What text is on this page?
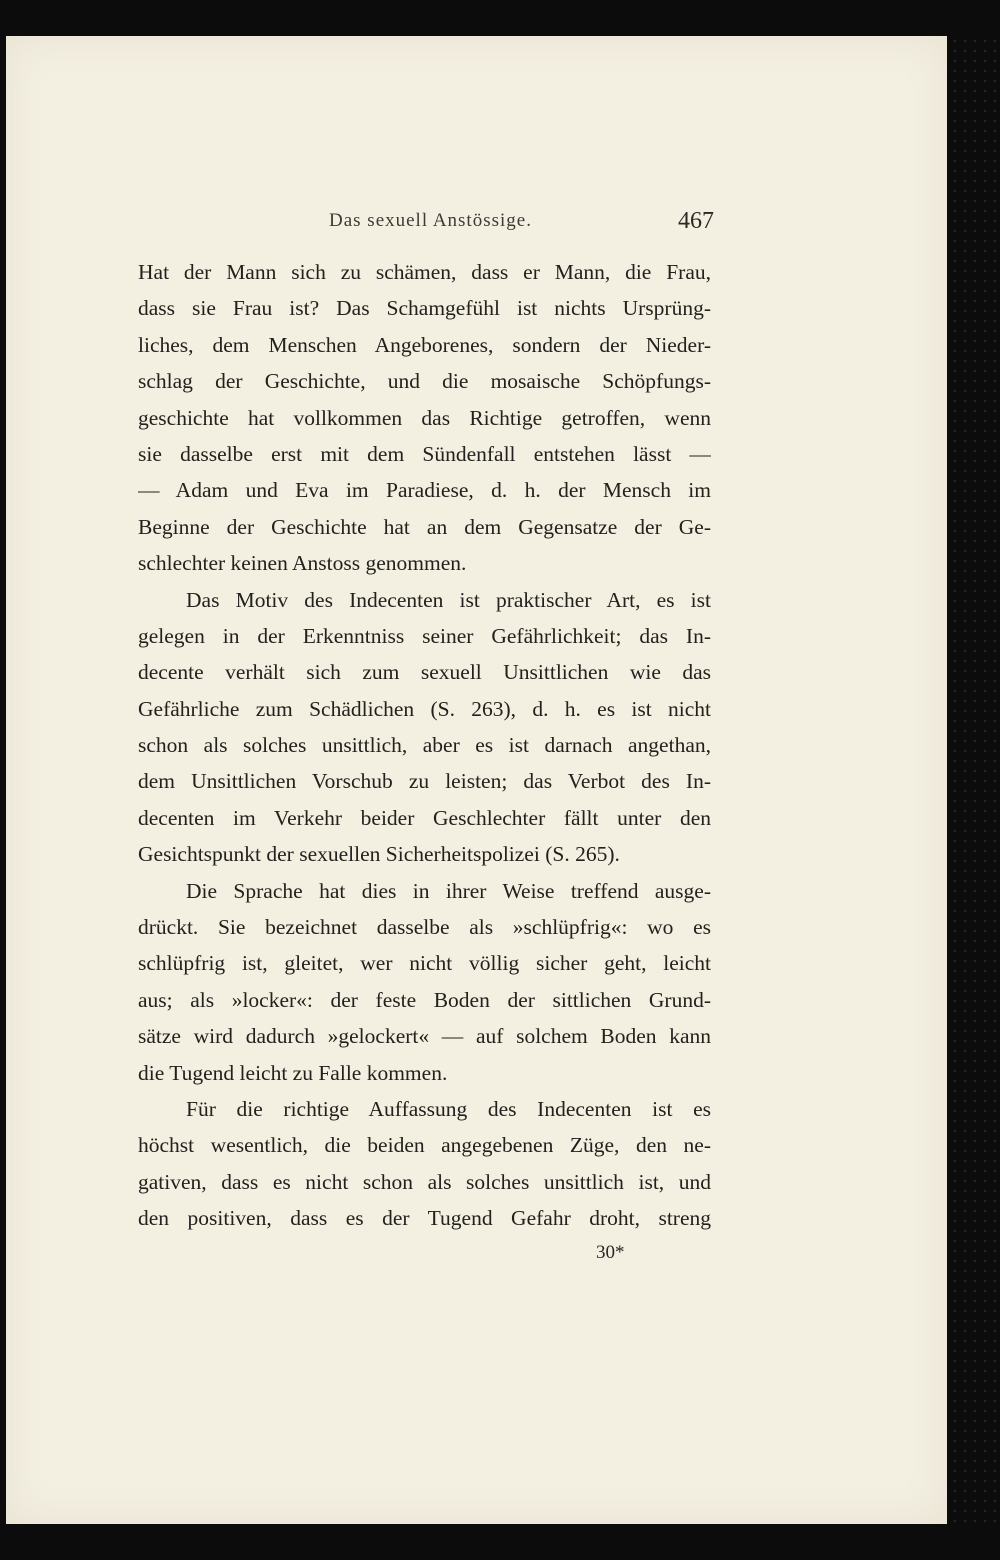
Das sexuell Anstössige.	467
Hat der Mann sich zu schämen, dass er Mann, die Frau,
dass sie Frau ist? Das Schamgefühl ist nichts Ursprüng-
liches, dem Menschen Angeborenes, sondern der Nieder-
schlag der Geschichte, und die mosaische Schöpfungs-
geschichte hat vollkommen das Richtige getroffen, wenn
sie dasselbe erst mit dem Sündenfall entstehen lässt —
— Adam und Eva im Paradiese, d. h. der Mensch im
Beginne der Geschichte hat an dem Gegensatze der Ge-
schlechter keinen Anstoss genommen.
Das Motiv des Indecenten ist praktischer Art, es ist
gelegen in der Erkenntniss seiner Gefährlichkeit; das In-
decente verhält sich zum sexuell Unsittlichen wie das
Gefährliche zum Schädlichen (S. 263), d. h. es ist nicht
schon als solches unsittlich, aber es ist darnach angethan,
dem Unsittlichen Vorschub zu leisten; das Verbot des In-
decenten im Verkehr beider Geschlechter fällt unter den
Gesichtspunkt der sexuellen Sicherheitspolizei (S. 265).
Die Sprache hat dies in ihrer Weise treffend ausge-
drückt. Sie bezeichnet dasselbe als »schlüpfrig«: wo es
schlüpfrig ist, gleitet, wer nicht völlig sicher geht, leicht
aus; als »locker«: der feste Boden der sittlichen Grund-
sätze wird dadurch »gelockert« — auf solchem Boden kann
die Tugend leicht zu Falle kommen.
Für die richtige Auffassung des Indecenten ist es
höchst wesentlich, die beiden angegebenen Züge, den ne-
gativen, dass es nicht schon als solches unsittlich ist, und
den positiven, dass es der Tugend Gefahr droht, streng
30*
